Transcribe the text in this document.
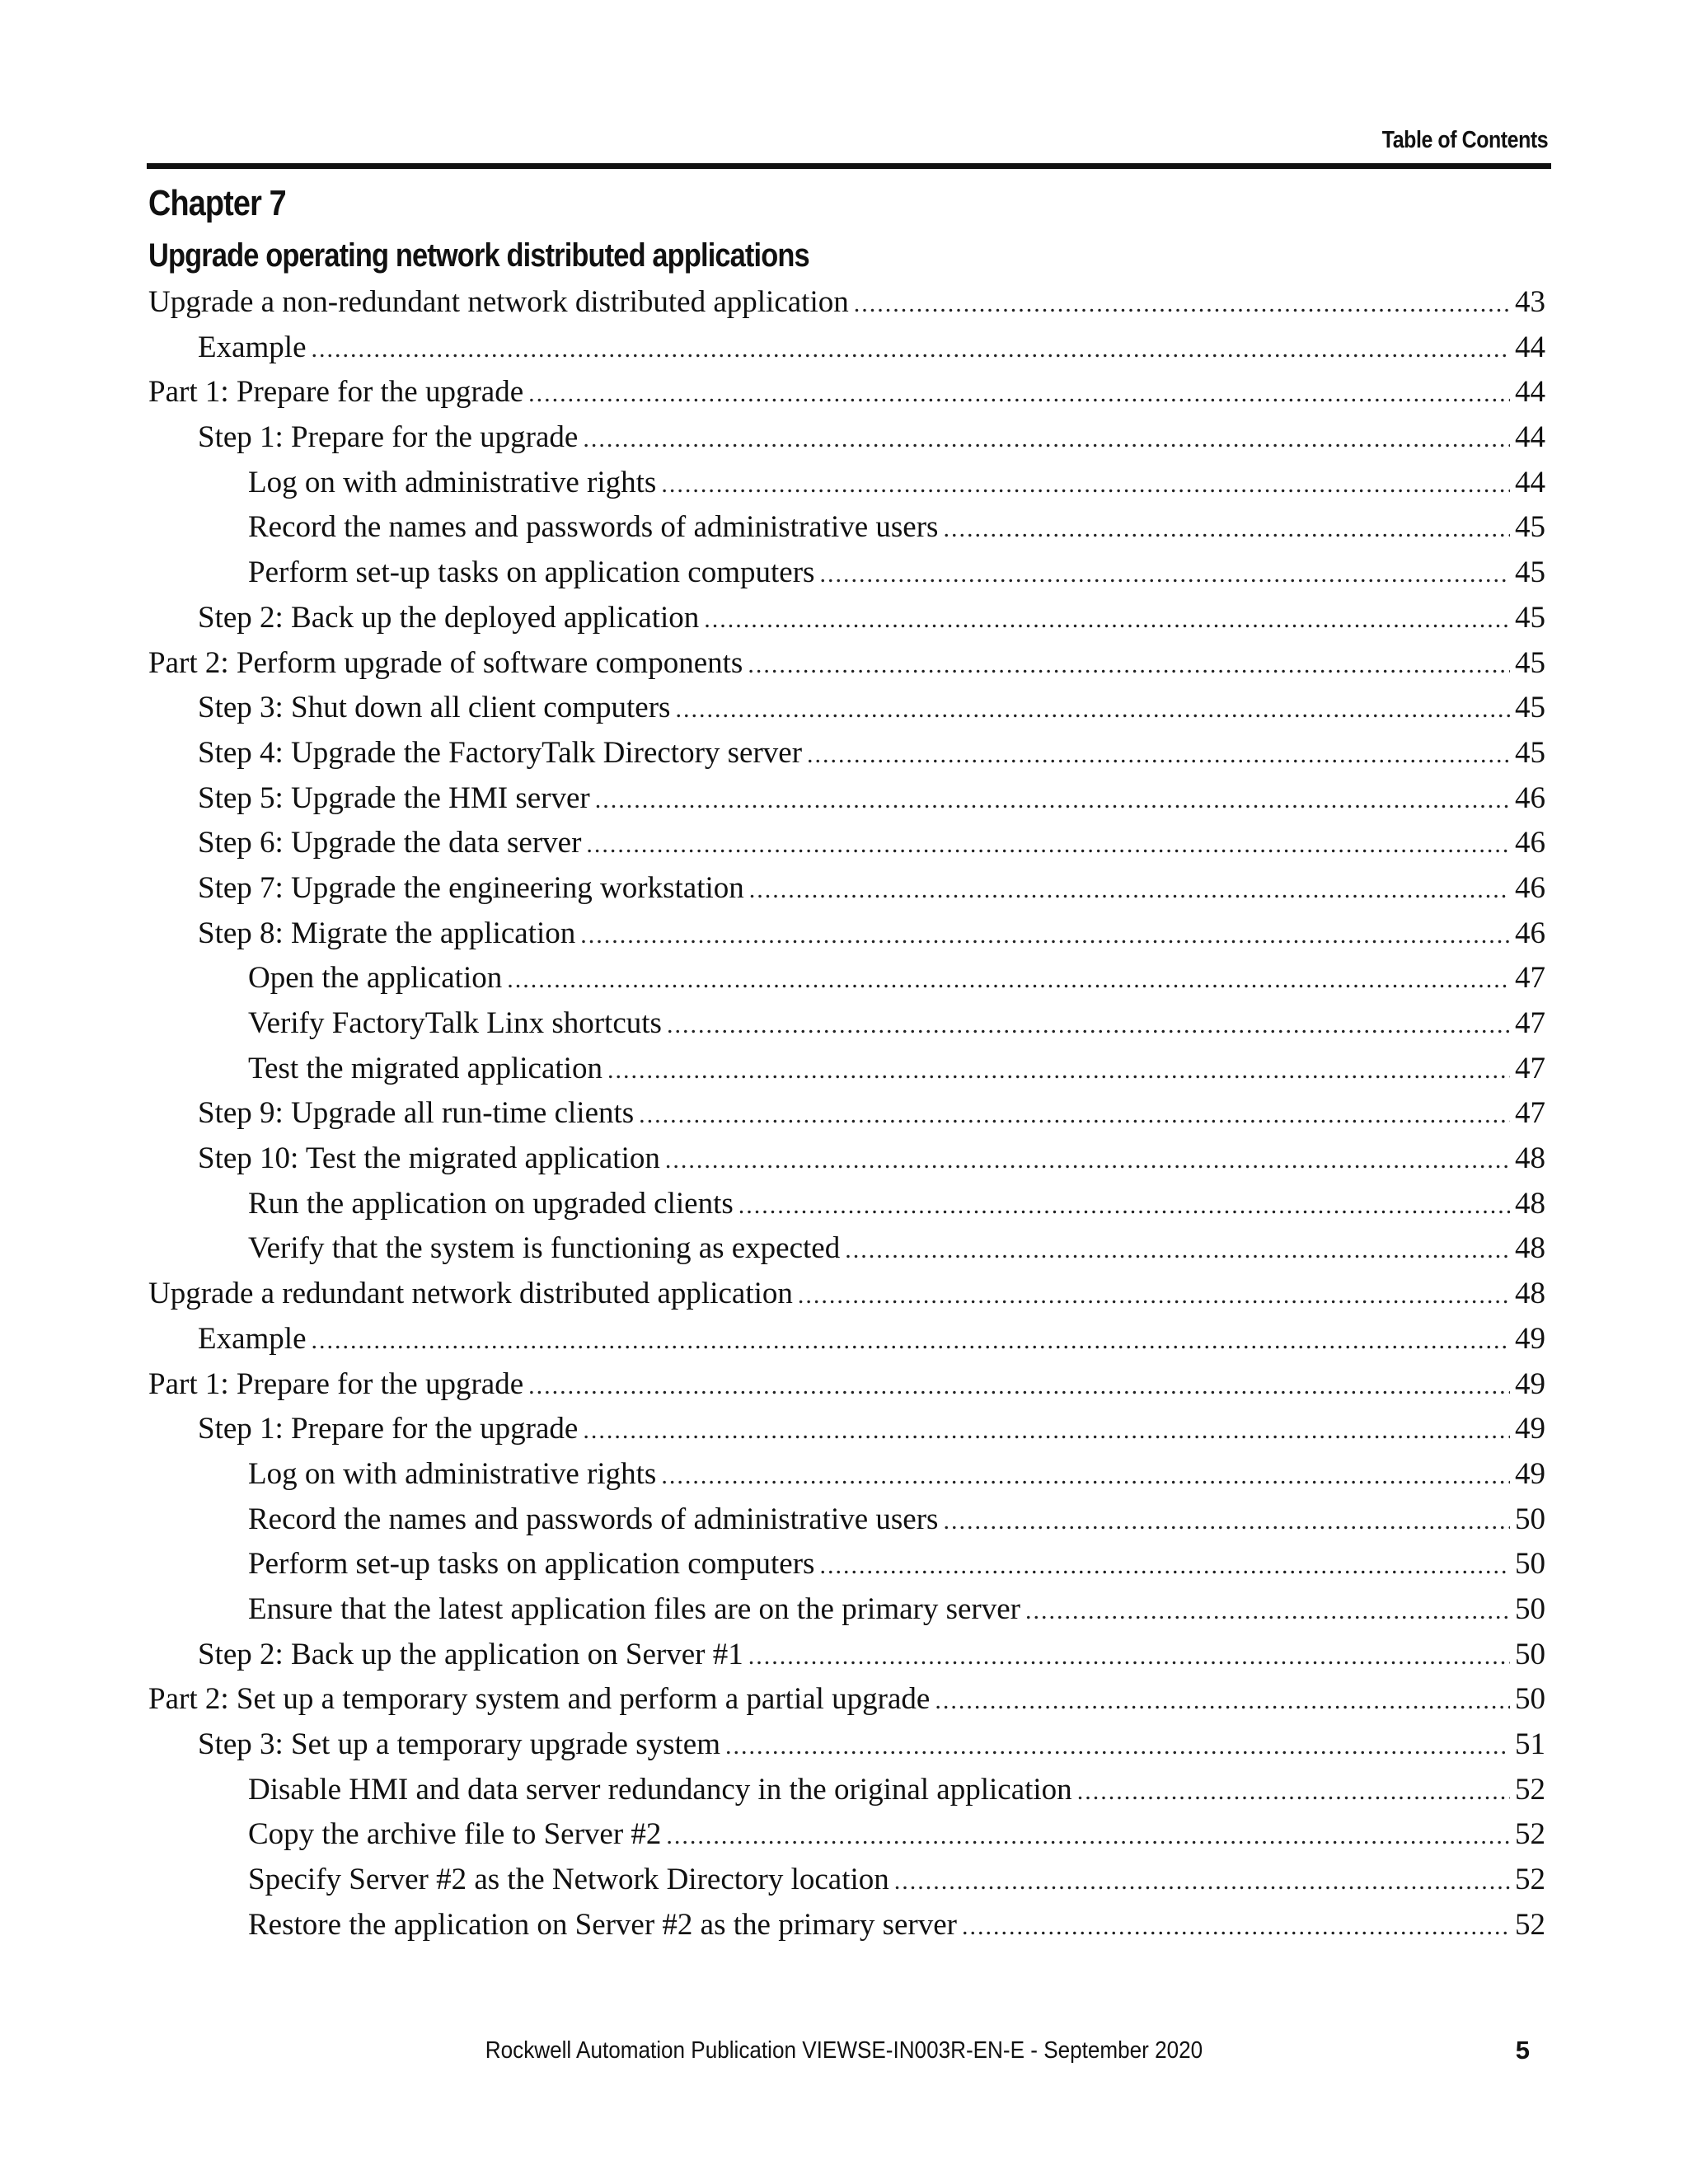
Table of Contents
Chapter 7
Upgrade operating network distributed applications
Upgrade a non-redundant network distributed application .....	43
Example .....	44
Part 1: Prepare for the upgrade .....	44
Step 1: Prepare for the upgrade .....	44
Log on with administrative rights .....	44
Record the names and passwords of administrative users .....	45
Perform set-up tasks on application computers .....	45
Step 2: Back up the deployed application .....	45
Part 2: Perform upgrade of software components .....	45
Step 3: Shut down all client computers .....	45
Step 4: Upgrade the FactoryTalk Directory server .....	45
Step 5: Upgrade the HMI server .....	46
Step 6: Upgrade the data server .....	46
Step 7: Upgrade the engineering workstation .....	46
Step 8: Migrate the application .....	46
Open the application .....	47
Verify FactoryTalk Linx shortcuts .....	47
Test the migrated application .....	47
Step 9: Upgrade all run-time clients .....	47
Step 10: Test the migrated application .....	48
Run the application on upgraded clients .....	48
Verify that the system is functioning as expected .....	48
Upgrade a redundant network distributed application .....	48
Example .....	49
Part 1: Prepare for the upgrade .....	49
Step 1: Prepare for the upgrade .....	49
Log on with administrative rights .....	49
Record the names and passwords of administrative users .....	50
Perform set-up tasks on application computers .....	50
Ensure that the latest application files are on the primary server .....	50
Step 2: Back up the application on Server #1 .....	50
Part 2: Set up a temporary system and perform a partial upgrade .....	50
Step 3: Set up a temporary upgrade system .....	51
Disable HMI and data server redundancy in the original application .....	52
Copy the archive file to Server #2 .....	52
Specify Server #2 as the Network Directory location .....	52
Restore the application on Server #2 as the primary server .....	52
Rockwell Automation Publication VIEWSE-IN003R-EN-E - September 2020	5
